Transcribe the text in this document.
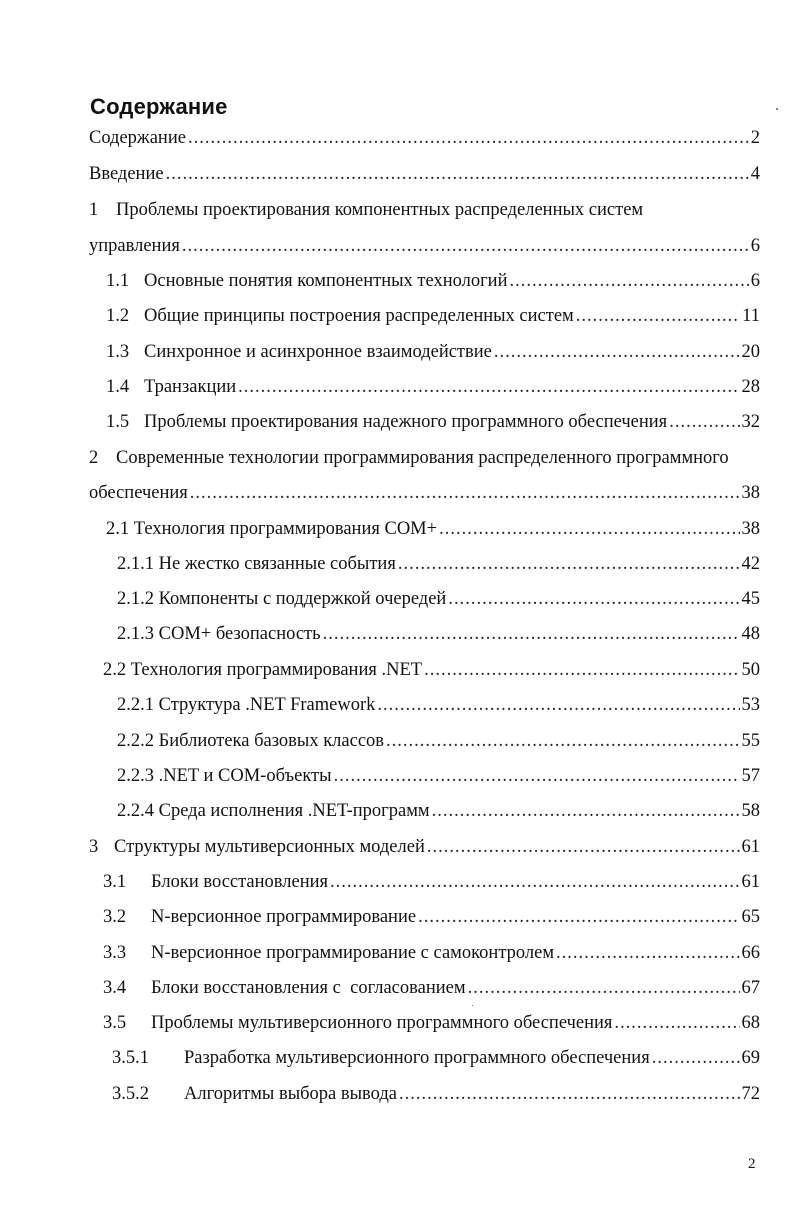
Содержание
Содержание .....	2
Введение .....	4
1 Проблемы проектирования компонентных распределенных систем
управления .....	6
1.1 Основные понятия компонентных технологий .....	6
1.2 Общие принципы построения распределенных систем .....	11
1.3 Синхронное и асинхронное взаимодействие .....	20
1.4 Транзакции .....	28
1.5 Проблемы проектирования надежного программного обеспечения .....	32
2 Современные технологии программирования распределенного программного
обеспечения .....	38
2.1 Технология программирования COM+ .....	38
2.1.1 Не жестко связанные события .....	42
2.1.2 Компоненты с поддержкой очередей .....	45
2.1.3 COM+ безопасность .....	48
2.2 Технология программирования .NET .....	50
2.2.1 Структура .NET Framework .....	53
2.2.2 Библиотека базовых классов .....	55
2.2.3 .NET и COM-объекты .....	57
2.2.4 Среда исполнения .NET-программ .....	58
3 Структуры мультиверсионных моделей .....	61
3.1	Блоки восстановления .....	61
3.2	N-версионное программирование .....	65
3.3	N-версионное программирование с самоконтролем .....	66
3.4	Блоки восстановления с  согласованием .....	67
3.5	Проблемы мультиверсионного программного обеспечения .....	68
3.5.1	Разработка мультиверсионного программного обеспечения .....	69
3.5.2	Алгоритмы выбора вывода .....	72
2
